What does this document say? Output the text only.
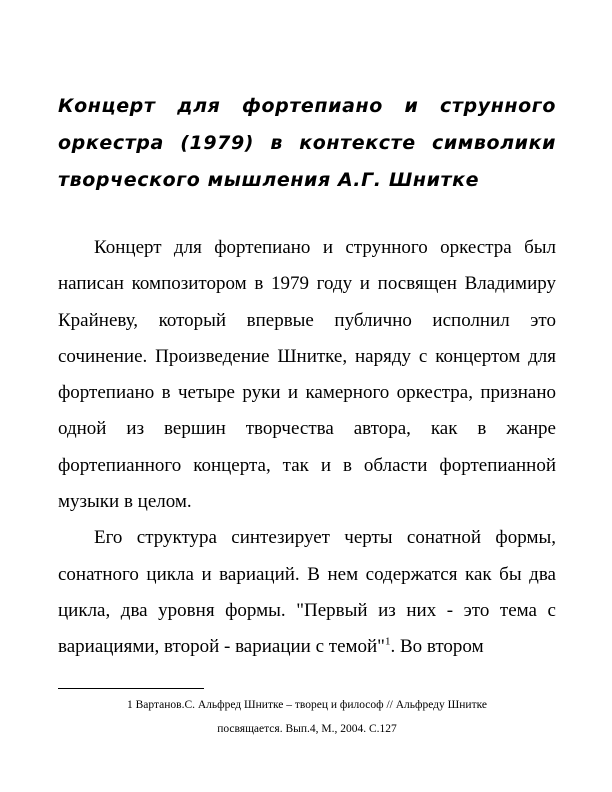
Концерт для фортепиано и струнного оркестра (1979) в контексте символики творческого мышления А.Г. Шнитке

Концерт для фортепиано и струнного оркестра был написан композитором в 1979 году и посвящен Владимиру Крайневу, который впервые публично исполнил это сочинение. Произведение Шнитке, наряду с концертом для фортепиано в четыре руки и камерного оркестра, признано одной из вершин творчества автора, как в жанре фортепианного концерта, так и в области фортепианной музыки в целом.

Его структура синтезирует черты сонатной формы, сонатного цикла и вариаций. В нем содержатся как бы два цикла, два уровня формы. "Первый из них - это тема с вариациями, второй - вариации с темой"$^1$. Во втором

1 Вартанов.С. Альфред Шнитке – творец и философ // Альфреду Шнитке
посвящается. Вып.4, М., 2004. С.127
